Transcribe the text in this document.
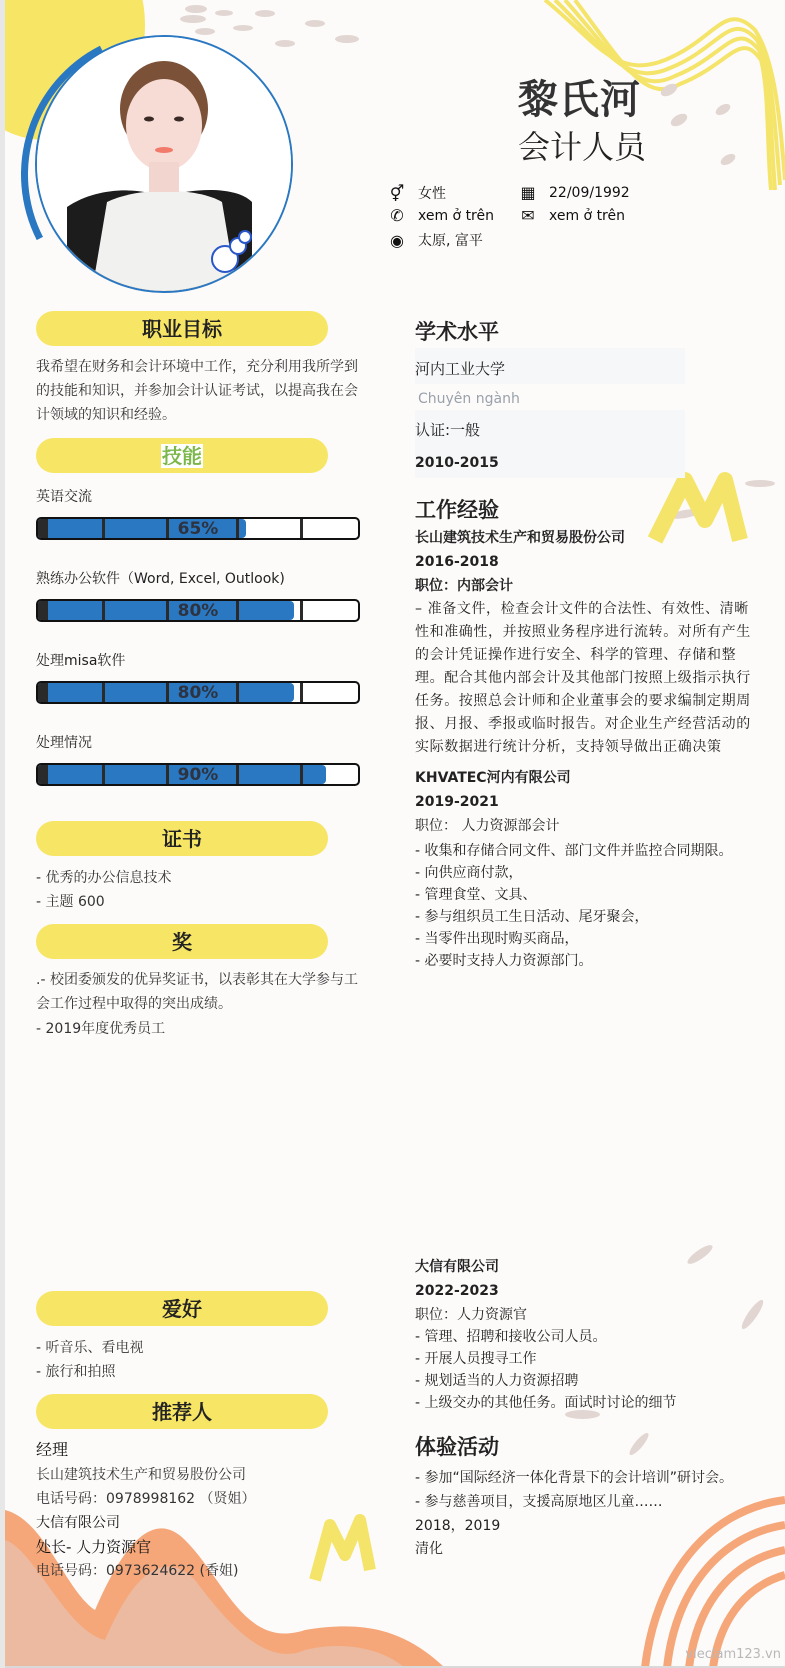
黎氏河
会计人员
⚥ 女性	▦ 22/09/1992
✆	xem ở trên ✉	xem ở trên
◉ 太原, 富平
职业目标
我希望在财务和会计环境中工作，充分利用我所学到的技能和知识，并参加会计认证考试，以提高我在会计领域的知识和经验。
技能
英语交流
65%
熟练办公软件（Word, Excel, Outlook)
80%
处理misa软件
80%
处理情况
90%
证书
- 优秀的办公信息技术
- 主题 600
奖
.- 校团委颁发的优异奖证书，以表彰其在大学参与工会工作过程中取得的突出成绩。
- 2019年度优秀员工
爱好
- 听音乐、看电视
- 旅行和拍照
推荐人
经理
长山建筑技术生产和贸易股份公司
电话号码：0978998162 （贤姐）
大信有限公司
处长- 人力资源官
电话号码：0973624622 (香姐)
学术水平
河内工业大学
Chuyên ngành
认证:一般
2010-2015
工作经验
长山建筑技术生产和贸易股份公司
2016-2018
职位：内部会计
– 准备文件，检查会计文件的合法性、有效性、清晰性和准确性，并按照业务程序进行流转。对所有产生的会计凭证操作进行安全、科学的管理、存储和整理。配合其他内部会计及其他部门按照上级指示执行任务。按照总会计师和企业董事会的要求编制定期周报、月报、季报或临时报告。对企业生产经营活动的实际数据进行统计分析，支持领导做出正确决策
KHVATEC河内有限公司
2019-2021
职位： 人力资源部会计
- 收集和存储合同文件、部门文件并监控合同期限。
- 向供应商付款，
- 管理食堂、文具、
- 参与组织员工生日活动、尾牙聚会，
- 当零件出现时购买商品，
- 必要时支持人力资源部门。
大信有限公司
2022-2023
职位：人力资源官
- 管理、招聘和接收公司人员。
- 开展人员搜寻工作
- 规划适当的人力资源招聘
- 上级交办的其他任务。面试时讨论的细节
体验活动
- 参加“国际经济一体化背景下的会计培训”研讨会。
- 参与慈善项目，支援高原地区儿童……
2018，2019
清化
vieclam123.vn
